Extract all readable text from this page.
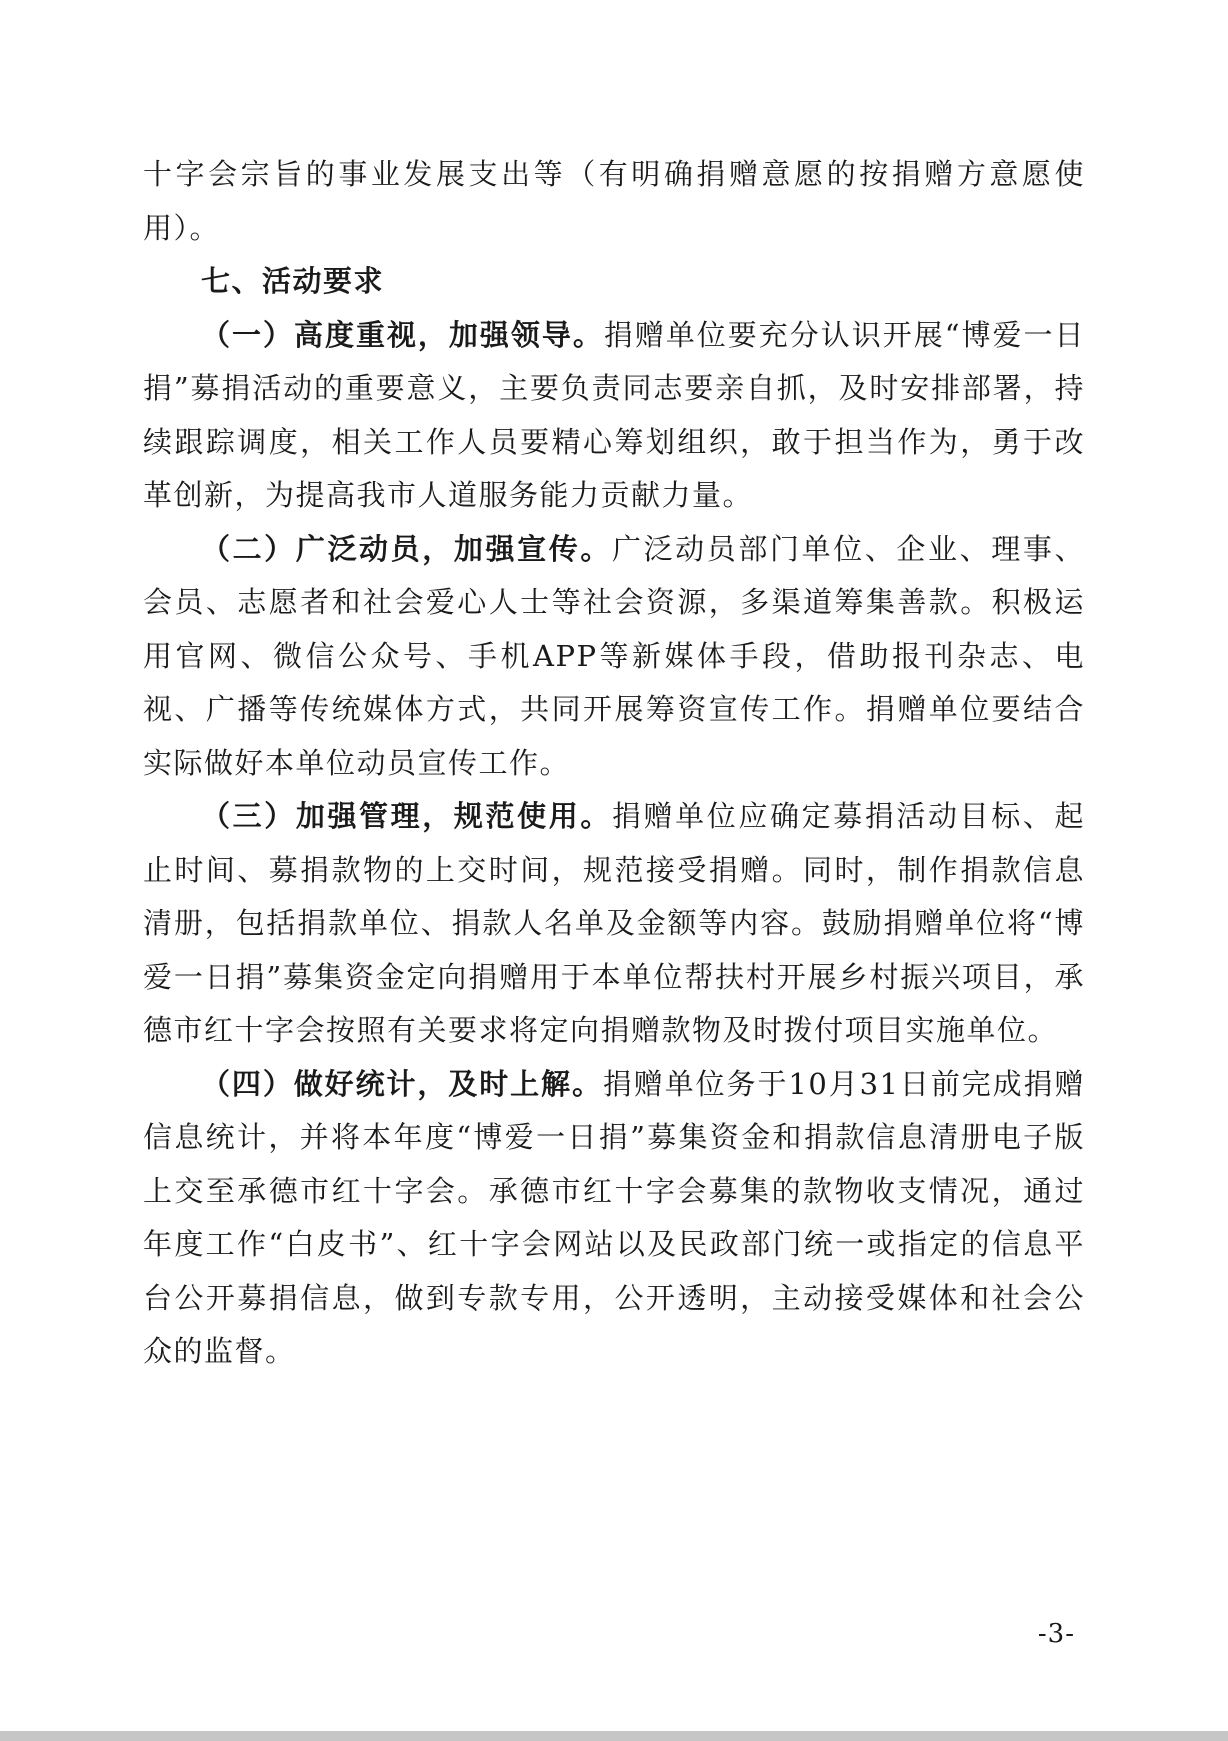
十字会宗旨的事业发展支出等（有明确捐赠意愿的按捐赠方意愿使用）。

七、活动要求

（一）高度重视，加强领导。捐赠单位要充分认识开展“博爱一日捐”募捐活动的重要意义，主要负责同志要亲自抓，及时安排部署，持续跟踪调度，相关工作人员要精心筹划组织，敢于担当作为，勇于改革创新，为提高我市人道服务能力贡献力量。

（二）广泛动员，加强宣传。广泛动员部门单位、企业、理事、会员、志愿者和社会爱心人士等社会资源，多渠道筹集善款。积极运用官网、微信公众号、手机APP等新媒体手段，借助报刊杂志、电视、广播等传统媒体方式，共同开展筹资宣传工作。捐赠单位要结合实际做好本单位动员宣传工作。

（三）加强管理，规范使用。捐赠单位应确定募捐活动目标、起止时间、募捐款物的上交时间，规范接受捐赠。同时，制作捐款信息清册，包括捐款单位、捐款人名单及金额等内容。鼓励捐赠单位将“博爱一日捐”募集资金定向捐赠用于本单位帮扶村开展乡村振兴项目，承德市红十字会按照有关要求将定向捐赠款物及时拨付项目实施单位。

（四）做好统计，及时上解。捐赠单位务于10月31日前完成捐赠信息统计，并将本年度“博爱一日捐”募集资金和捐款信息清册电子版上交至承德市红十字会。承德市红十字会募集的款物收支情况，通过年度工作“白皮书”、红十字会网站以及民政部门统一或指定的信息平台公开募捐信息，做到专款专用，公开透明，主动接受媒体和社会公众的监督。

-3-
